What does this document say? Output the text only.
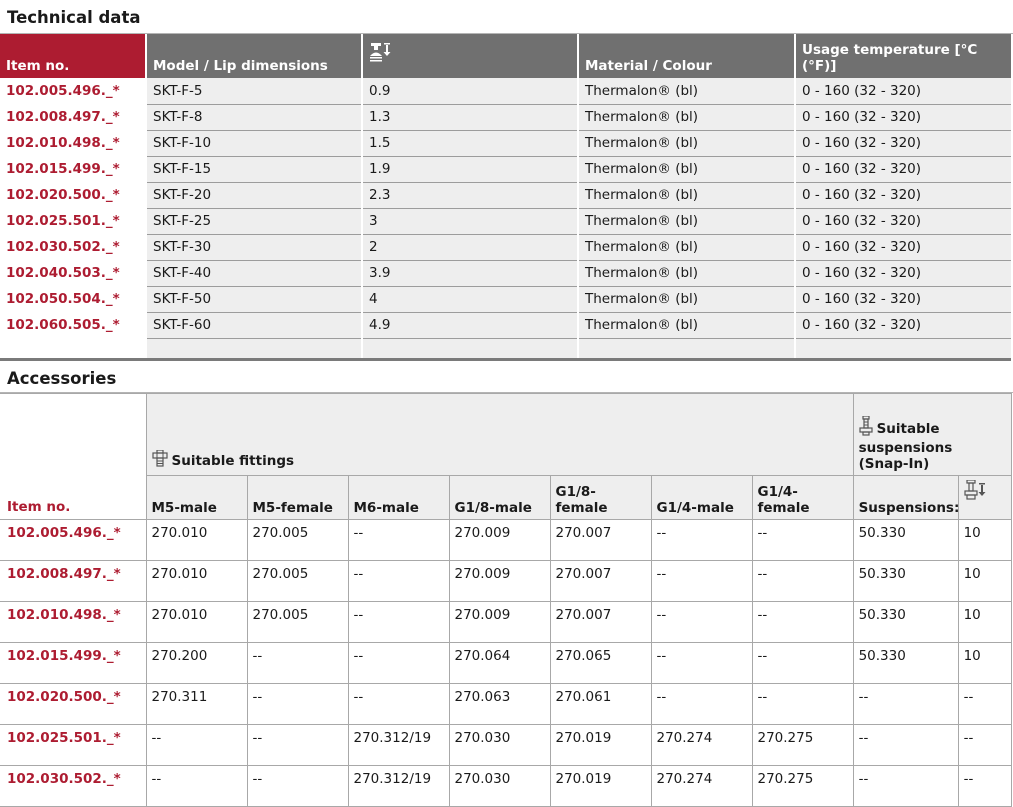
Technical data
Item no.	Model / Lip dimensions		Material / Colour	Usage temperature [°C (°F)]
102.005.496._*	SKT-F-5	0.9	Thermalon® (bl)	0 - 160 (32 - 320)
102.008.497._*	SKT-F-8	1.3	Thermalon® (bl)	0 - 160 (32 - 320)
102.010.498._*	SKT-F-10	1.5	Thermalon® (bl)	0 - 160 (32 - 320)
102.015.499._*	SKT-F-15	1.9	Thermalon® (bl)	0 - 160 (32 - 320)
102.020.500._*	SKT-F-20	2.3	Thermalon® (bl)	0 - 160 (32 - 320)
102.025.501._*	SKT-F-25	3	Thermalon® (bl)	0 - 160 (32 - 320)
102.030.502._*	SKT-F-30	2	Thermalon® (bl)	0 - 160 (32 - 320)
102.040.503._*	SKT-F-40	3.9	Thermalon® (bl)	0 - 160 (32 - 320)
102.050.504._*	SKT-F-50	4	Thermalon® (bl)	0 - 160 (32 - 320)
102.060.505._*	SKT-F-60	4.9	Thermalon® (bl)	0 - 160 (32 - 320)

Accessories
Item no.	Suitable fittings							Suitable suspensions (Snap-In)	
	M5-male	M5-female	M6-male	G1/8-male	G1/8-female	G1/4-male	G1/4-female	Suspensions:	
102.005.496._*	270.010	270.005	--	270.009	270.007	--	--	50.330	10
102.008.497._*	270.010	270.005	--	270.009	270.007	--	--	50.330	10
102.010.498._*	270.010	270.005	--	270.009	270.007	--	--	50.330	10
102.015.499._*	270.200	--	--	270.064	270.065	--	--	50.330	10
102.020.500._*	270.311	--	--	270.063	270.061	--	--	--	--
102.025.501._*	--	--	270.312/19	270.030	270.019	270.274	270.275	--	--
102.030.502._*	--	--	270.312/19	270.030	270.019	270.274	270.275	--	--
